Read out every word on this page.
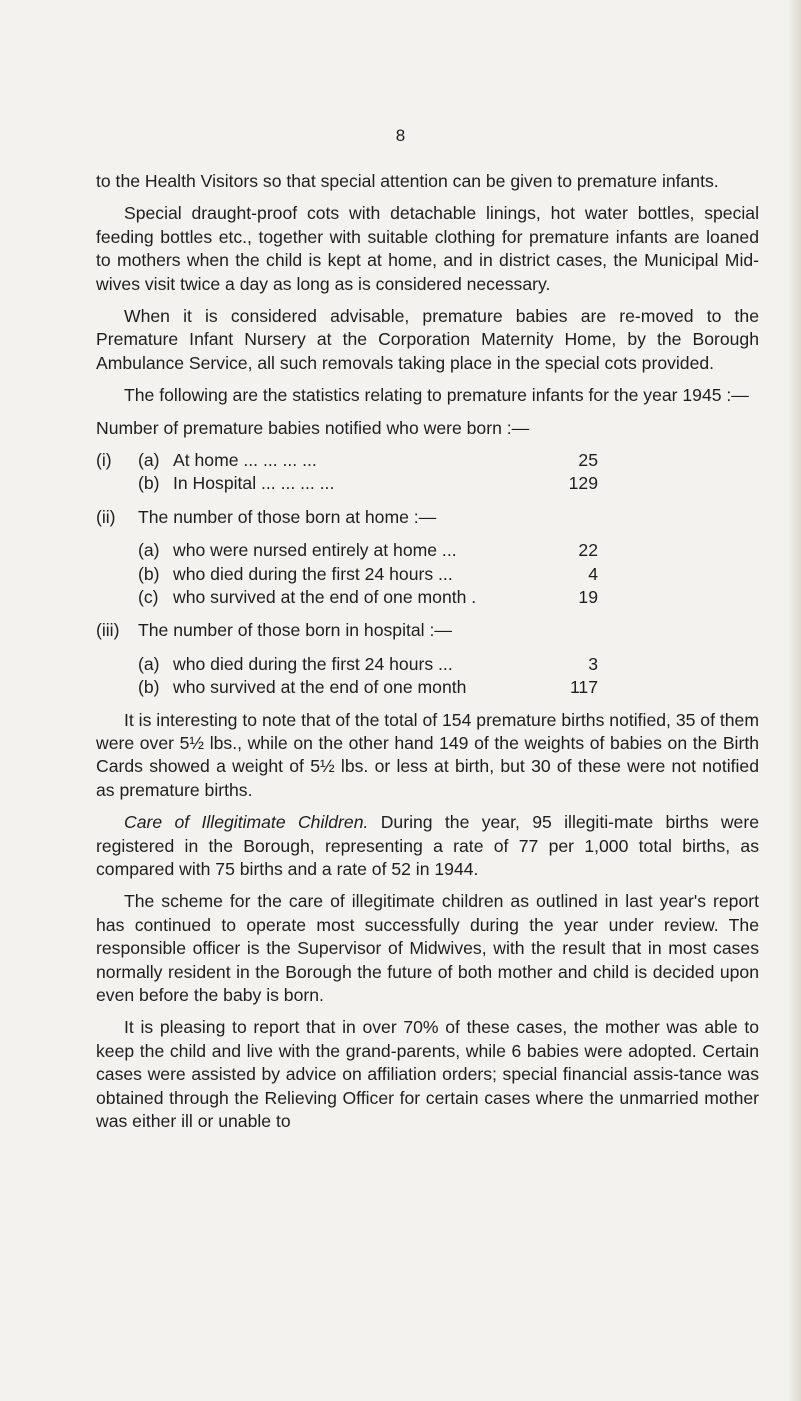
8

to the Health Visitors so that special attention can be given to premature infants.

Special draught-proof cots with detachable linings, hot water bottles, special feeding bottles etc., together with suitable clothing for premature infants are loaned to mothers when the child is kept at home, and in district cases, the Municipal Mid-wives visit twice a day as long as is considered necessary.

When it is considered advisable, premature babies are re-moved to the Premature Infant Nursery at the Corporation Maternity Home, by the Borough Ambulance Service, all such removals taking place in the special cots provided.

The following are the statistics relating to premature infants for the year 1945 :—

Number of premature babies notified who were born :—

(i)	(a) At home ... ... ... ...	25
(b) In Hospital ... ... ... ...	129
(ii)	The number of those born at home :—
(a) who were nursed entirely at home ...	22
(b) who died during the first 24 hours ...	4
(c) who survived at the end of one month .	19
(iii)	The number of those born in hospital :—
(a) who died during the first 24 hours ...	3
(b) who survived at the end of one month	117

It is interesting to note that of the total of 154 premature births notified, 35 of them were over 5½ lbs., while on the other hand 149 of the weights of babies on the Birth Cards showed a weight of 5½ lbs. or less at birth, but 30 of these were not notified as premature births.

Care of Illegitimate Children. During the year, 95 illegiti-mate births were registered in the Borough, representing a rate of 77 per 1,000 total births, as compared with 75 births and a rate of 52 in 1944.

The scheme for the care of illegitimate children as outlined in last year's report has continued to operate most successfully during the year under review. The responsible officer is the Supervisor of Midwives, with the result that in most cases normally resident in the Borough the future of both mother and child is decided upon even before the baby is born.

It is pleasing to report that in over 70% of these cases, the mother was able to keep the child and live with the grand-parents, while 6 babies were adopted. Certain cases were assisted by advice on affiliation orders; special financial assis-tance was obtained through the Relieving Officer for certain cases where the unmarried mother was either ill or unable to
